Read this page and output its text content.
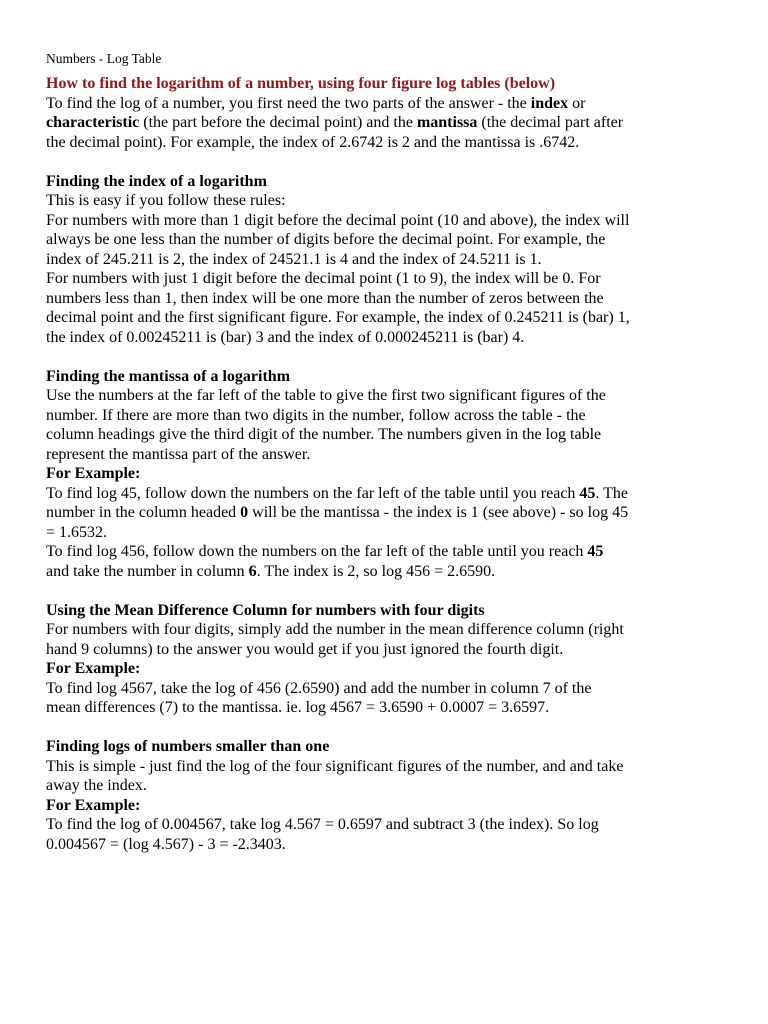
Numbers - Log Table

How to find the logarithm of a number, using four figure log tables (below)

To find the log of a number, you first need the two parts of the answer - the index or

characteristic (the part before the decimal point) and the mantissa (the decimal part after

the decimal point). For example, the index of 2.6742 is 2 and the mantissa is .6742.

Finding the index of a logarithm

This is easy if you follow these rules:

For numbers with more than 1 digit before the decimal point (10 and above), the index will

always be one less than the number of digits before the decimal point. For example, the

index of 245.211 is 2, the index of 24521.1 is 4 and the index of 24.5211 is 1.

For numbers with just 1 digit before the decimal point (1 to 9), the index will be 0. For

numbers less than 1, then index will be one more than the number of zeros between the

decimal point and the first significant figure. For example, the index of 0.245211 is (bar) 1,

the index of 0.00245211 is (bar) 3 and the index of 0.000245211 is (bar) 4.

Finding the mantissa of a logarithm

Use the numbers at the far left of the table to give the first two significant figures of the

number. If there are more than two digits in the number, follow across the table - the

column headings give the third digit of the number. The numbers given in the log table

represent the mantissa part of the answer.

For Example:

To find log 45, follow down the numbers on the far left of the table until you reach 45. The

number in the column headed 0 will be the mantissa - the index is 1 (see above) - so log 45

= 1.6532.

To find log 456, follow down the numbers on the far left of the table until you reach 45

and take the number in column 6. The index is 2, so log 456 = 2.6590.

Using the Mean Difference Column for numbers with four digits

For numbers with four digits, simply add the number in the mean difference column (right

hand 9 columns) to the answer you would get if you just ignored the fourth digit.

For Example:

To find log 4567, take the log of 456 (2.6590) and add the number in column 7 of the

mean differences (7) to the mantissa. ie. log 4567 = 3.6590 + 0.0007 = 3.6597.

Finding logs of numbers smaller than one

This is simple - just find the log of the four significant figures of the number, and and take

away the index.

For Example:

To find the log of 0.004567, take log 4.567 = 0.6597 and subtract 3 (the index). So log

0.004567 = (log 4.567) - 3 = -2.3403.
